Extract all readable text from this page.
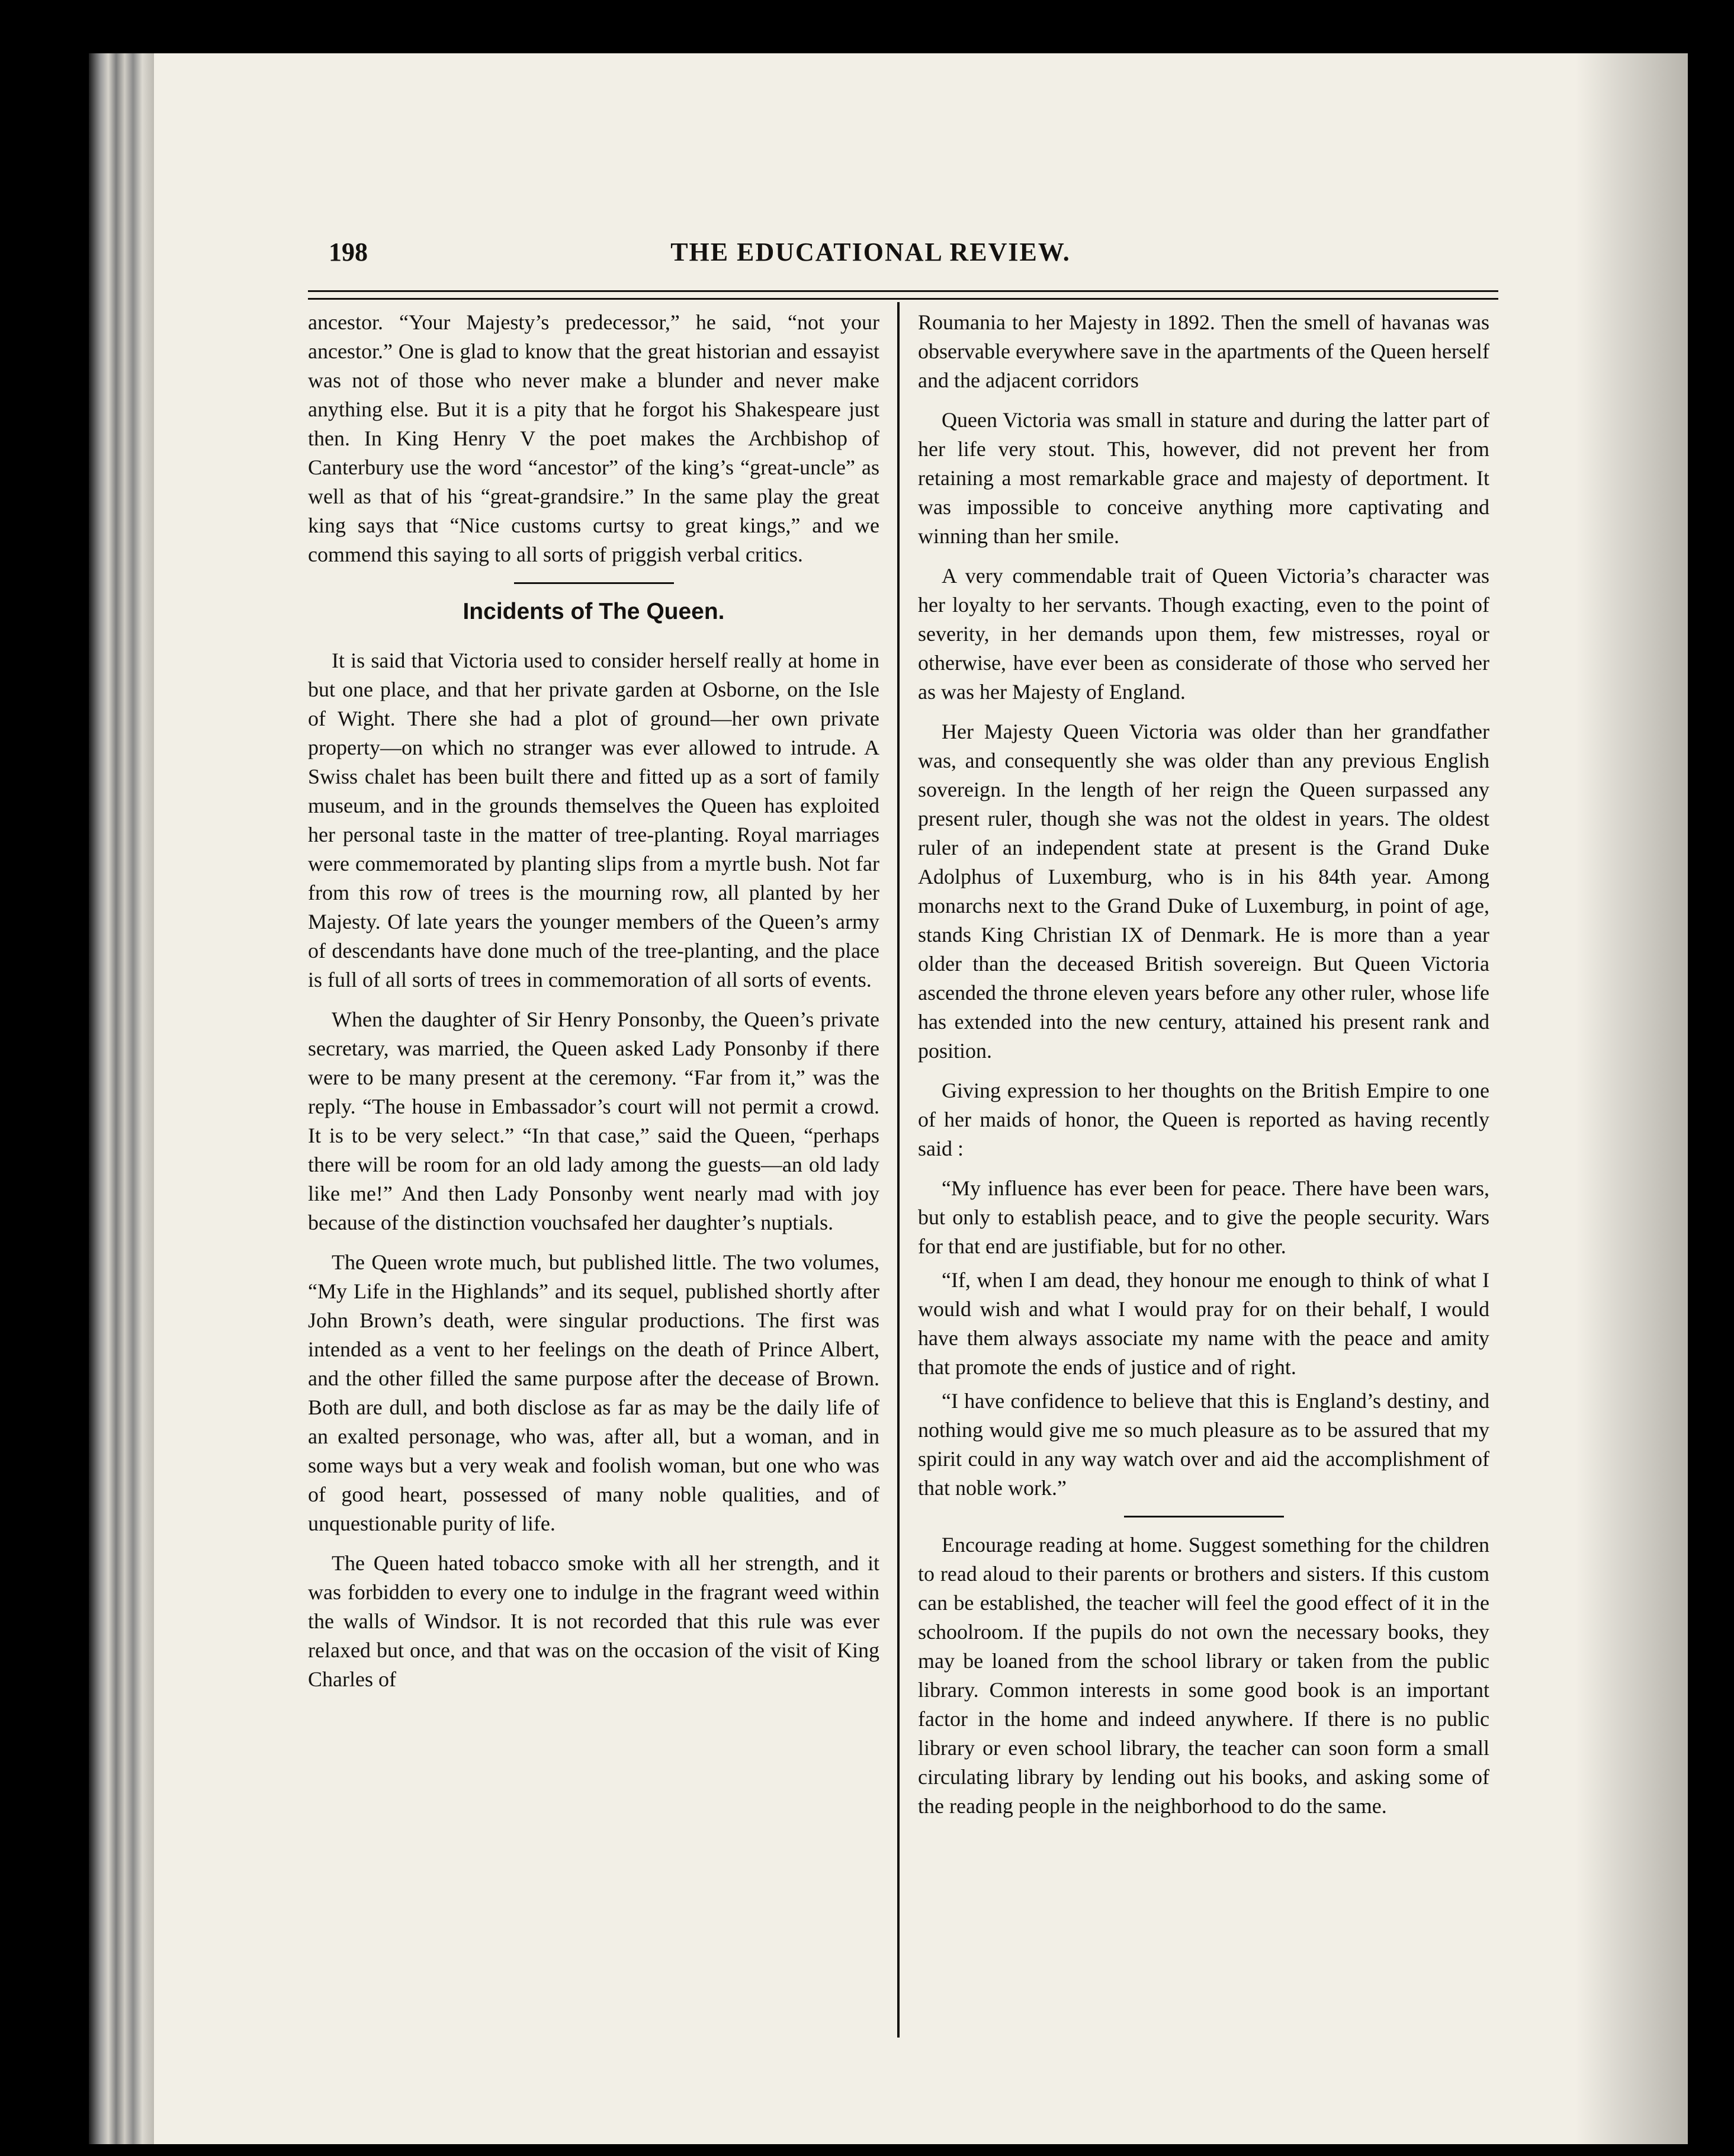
198	THE EDUCATIONAL REVIEW.

ancestor. “Your Majesty’s predecessor,” he said, “not your ancestor.” One is glad to know that the great historian and essayist was not of those who never make a blunder and never make anything else. But it is a pity that he forgot his Shakespeare just then. In King Henry V the poet makes the Archbishop of Canterbury use the word “ancestor” of the king’s “great-uncle” as well as that of his “great-grandsire.” In the same play the great king says that “Nice customs curtsy to great kings,” and we commend this saying to all sorts of priggish verbal critics.

Incidents of The Queen.

It is said that Victoria used to consider herself really at home in but one place, and that her private garden at Osborne, on the Isle of Wight. There she had a plot of ground—her own private property—on which no stranger was ever allowed to intrude. A Swiss chalet has been built there and fitted up as a sort of family museum, and in the grounds themselves the Queen has exploited her personal taste in the matter of tree-planting. Royal marriages were commemorated by planting slips from a myrtle bush. Not far from this row of trees is the mourning row, all planted by her Majesty. Of late years the younger members of the Queen’s army of descendants have done much of the tree-planting, and the place is full of all sorts of trees in commemoration of all sorts of events.

When the daughter of Sir Henry Ponsonby, the Queen’s private secretary, was married, the Queen asked Lady Ponsonby if there were to be many present at the ceremony. “Far from it,” was the reply. “The house in Embassador’s court will not permit a crowd. It is to be very select.” “In that case,” said the Queen, “perhaps there will be room for an old lady among the guests—an old lady like me!” And then Lady Ponsonby went nearly mad with joy because of the distinction vouchsafed her daughter’s nuptials.

The Queen wrote much, but published little. The two volumes, “My Life in the Highlands” and its sequel, published shortly after John Brown’s death, were singular productions. The first was intended as a vent to her feelings on the death of Prince Albert, and the other filled the same purpose after the decease of Brown. Both are dull, and both disclose as far as may be the daily life of an exalted personage, who was, after all, but a woman, and in some ways but a very weak and foolish woman, but one who was of good heart, possessed of many noble qualities, and of unquestionable purity of life.

The Queen hated tobacco smoke with all her strength, and it was forbidden to every one to indulge in the fragrant weed within the walls of Windsor. It is not recorded that this rule was ever relaxed but once, and that was on the occasion of the visit of King Charles of

Roumania to her Majesty in 1892. Then the smell of havanas was observable everywhere save in the apartments of the Queen herself and the adjacent corridors

Queen Victoria was small in stature and during the latter part of her life very stout. This, however, did not prevent her from retaining a most remarkable grace and majesty of deportment. It was impossible to conceive anything more captivating and winning than her smile.

A very commendable trait of Queen Victoria’s character was her loyalty to her servants. Though exacting, even to the point of severity, in her demands upon them, few mistresses, royal or otherwise, have ever been as considerate of those who served her as was her Majesty of England.

Her Majesty Queen Victoria was older than her grandfather was, and consequently she was older than any previous English sovereign. In the length of her reign the Queen surpassed any present ruler, though she was not the oldest in years. The oldest ruler of an independent state at present is the Grand Duke Adolphus of Luxemburg, who is in his 84th year. Among monarchs next to the Grand Duke of Luxemburg, in point of age, stands King Christian IX of Denmark. He is more than a year older than the deceased British sovereign. But Queen Victoria ascended the throne eleven years before any other ruler, whose life has extended into the new century, attained his present rank and position.

Giving expression to her thoughts on the British Empire to one of her maids of honor, the Queen is reported as having recently said :

“My influence has ever been for peace. There have been wars, but only to establish peace, and to give the people security. Wars for that end are justifiable, but for no other.

“If, when I am dead, they honour me enough to think of what I would wish and what I would pray for on their behalf, I would have them always associate my name with the peace and amity that promote the ends of justice and of right.

“I have confidence to believe that this is England’s destiny, and nothing would give me so much pleasure as to be assured that my spirit could in any way watch over and aid the accomplishment of that noble work.”

Encourage reading at home. Suggest something for the children to read aloud to their parents or brothers and sisters. If this custom can be established, the teacher will feel the good effect of it in the schoolroom. If the pupils do not own the necessary books, they may be loaned from the school library or taken from the public library. Common interests in some good book is an important factor in the home and indeed anywhere. If there is no public library or even school library, the teacher can soon form a small circulating library by lending out his books, and asking some of the reading people in the neighborhood to do the same.
